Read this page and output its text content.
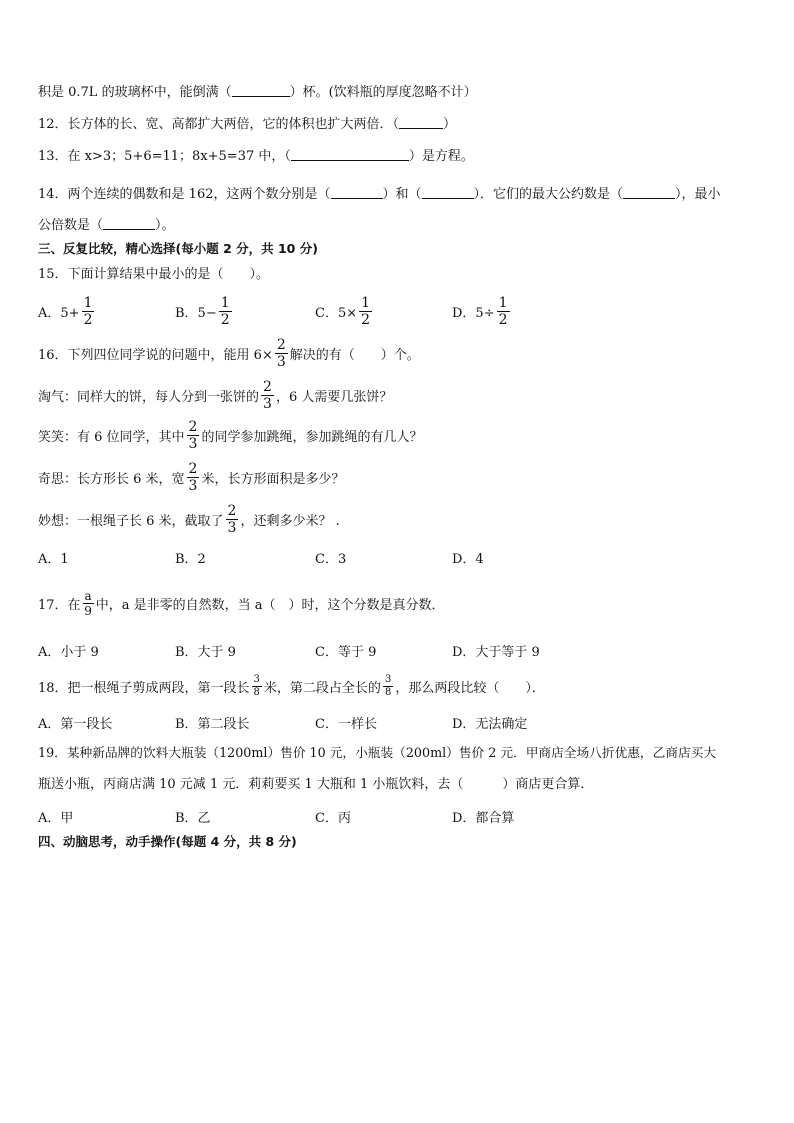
积是 0.7L 的玻璃杯中，能倒满（	）杯。(饮料瓶的厚度忽略不计）
12．长方体的长、宽、高都扩大两倍，它的体积也扩大两倍．（	）
13．在 x>3；5+6=11；8x+5=37 中，（	）是方程。
14．两个连续的偶数和是 162，这两个数分别是（	）和（	）．它们的最大公约数是（	），最小
公倍数是（	）。
三、反复比较，精心选择(每小题 2 分，共 10 分)
15．下面计算结果中最小的是（　　）。
A．$5+ \frac{1}{2}$	B．$5- \frac{1}{2}$	C．$5\times \frac{1}{2}$	D．$5\div \frac{1}{2}$
16．下列四位同学说的问题中，能用 $6\times \frac{2}{3}$ 解决的有（　　）个。
淘气：同样大的饼，每人分到一张饼的 $\frac{2}{3}$ ，6 人需要几张饼？
笑笑：有 6 位同学，其中 $\frac{2}{3}$ 的同学参加跳绳，参加跳绳的有几人？
奇思：长方形长 6 米，宽 $\frac{2}{3}$ 米，长方形面积是多少？
妙想：一根绳子长 6 米，截取了 $\frac{2}{3}$ ，还剩多少米？ .
A．1	B．2	C．3	D．4
17．在 $\frac{a}{9}$ 中，a 是非零的自然数，当 a（　）时，这个分数是真分数．
A．小于 9	B．大于 9	C．等于 9	D．大于等于 9
18．把一根绳子剪成两段，第一段长 $\frac{3}{8}$ 米，第二段占全长的 $\frac{3}{8}$ ，那么两段比较（　　）．
A．第一段长	B．第二段长	C．一样长	D．无法确定
19．某种新品牌的饮料大瓶装（1200ml）售价 10 元，小瓶装（200ml）售价 2 元．甲商店全场八折优惠，乙商店买大
瓶送小瓶，丙商店满 10 元减 1 元．莉莉要买 1 大瓶和 1 小瓶饮料，去（　　　）商店更合算．
A．甲	B．乙	C．丙	D．都合算
四、动脑思考，动手操作(每题 4 分，共 8 分)
